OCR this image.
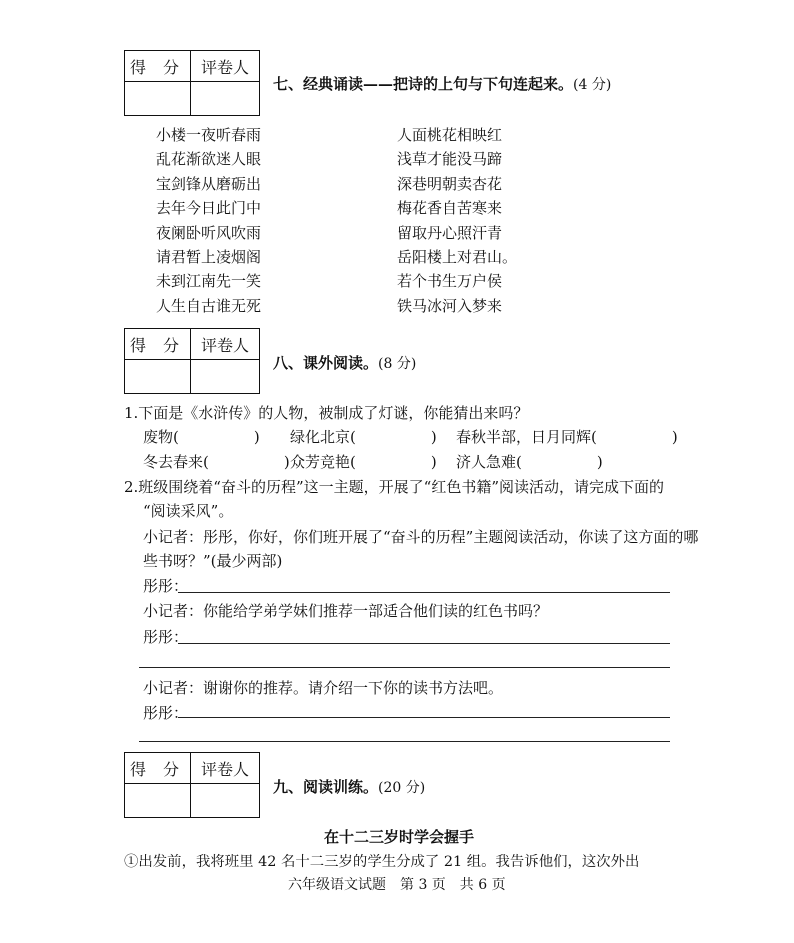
得 分 评卷人
七、经典诵读——把诗的上句与下句连起来。(4 分)
小楼一夜听春雨
乱花渐欲迷人眼
宝剑锋从磨砺出
去年今日此门中
夜阑卧听风吹雨
请君暂上凌烟阁
未到江南先一笑
人生自古谁无死
人面桃花相映红
浅草才能没马蹄
深巷明朝卖杏花
梅花香自苦寒来
留取丹心照汗青
岳阳楼上对君山。
若个书生万户侯
铁马冰河入梦来
得 分 评卷人
八、课外阅读。(8 分)
1.下面是《水浒传》的人物，被制成了灯谜，你能猜出来吗？
废物(　　　　　) 绿化北京(　　　　　) 春秋半部，日月同辉(　　　　　)
冬去春来(　　　　　) 众芳竞艳(　　　　　) 济人急难(　　　　　)
2.班级围绕着“奋斗的历程”这一主题，开展了“红色书籍”阅读活动，请完成下面的
“阅读采风”。
小记者：彤彤，你好，你们班开展了“奋斗的历程”主题阅读活动，你读了这方面的哪
些书呀？”(最少两部)
彤彤：
小记者：你能给学弟学妹们推荐一部适合他们读的红色书吗？
彤彤：
小记者：谢谢你的推荐。请介绍一下你的读书方法吧。
彤彤：
得 分 评卷人
九、阅读训练。(20 分)
在十二三岁时学会握手
①出发前，我将班里 42 名十二三岁的学生分成了 21 组。我告诉他们，这次外出
六年级语文试题　第 3 页　共 6 页
